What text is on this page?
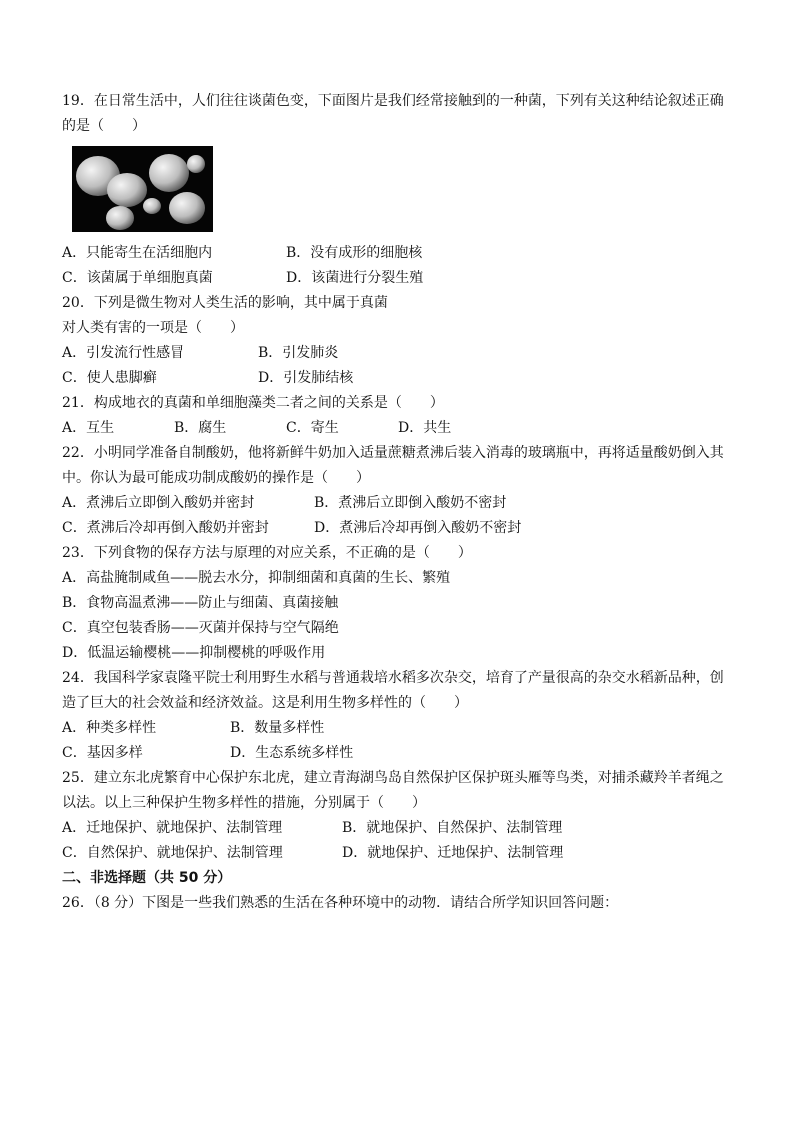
19．在日常生活中，人们往往谈菌色变，下面图片是我们经常接触到的一种菌，下列有关这种结论叙述正确
的是（　　）
A．只能寄生在活细胞内	B．没有成形的细胞核
C．该菌属于单细胞真菌	D．该菌进行分裂生殖
20．下列是微生物对人类生活的影响，其中属于真菌
对人类有害的一项是（　　）
A．引发流行性感冒	B．引发肺炎
C．使人患脚癣	D．引发肺结核
21．构成地衣的真菌和单细胞藻类二者之间的关系是（　　）
A．互生	B．腐生	C．寄生	D．共生
22．小明同学准备自制酸奶，他将新鲜牛奶加入适量蔗糖煮沸后装入消毒的玻璃瓶中，再将适量酸奶倒入其
中。你认为最可能成功制成酸奶的操作是（　　）
A．煮沸后立即倒入酸奶并密封	B．煮沸后立即倒入酸奶不密封
C．煮沸后冷却再倒入酸奶并密封	D．煮沸后冷却再倒入酸奶不密封
23．下列食物的保存方法与原理的对应关系，不正确的是（　　）
A．高盐腌制咸鱼——脱去水分，抑制细菌和真菌的生长、繁殖
B．食物高温煮沸——防止与细菌、真菌接触
C．真空包装香肠——灭菌并保持与空气隔绝
D．低温运输樱桃——抑制樱桃的呼吸作用
24．我国科学家袁隆平院士利用野生水稻与普通栽培水稻多次杂交，培育了产量很高的杂交水稻新品种，创
造了巨大的社会效益和经济效益。这是利用生物多样性的（　　）
A．种类多样性	B．数量多样性
C．基因多样	D．生态系统多样性
25．建立东北虎繁育中心保护东北虎，建立青海湖鸟岛自然保护区保护斑头雁等鸟类，对捕杀藏羚羊者绳之
以法。以上三种保护生物多样性的措施，分别属于（　　）
A．迁地保护、就地保护、法制管理	B．就地保护、自然保护、法制管理
C．自然保护、就地保护、法制管理	D．就地保护、迁地保护、法制管理
二、非选择题（共 50 分）
26．（8 分）下图是一些我们熟悉的生活在各种环境中的动物．请结合所学知识回答问题：
